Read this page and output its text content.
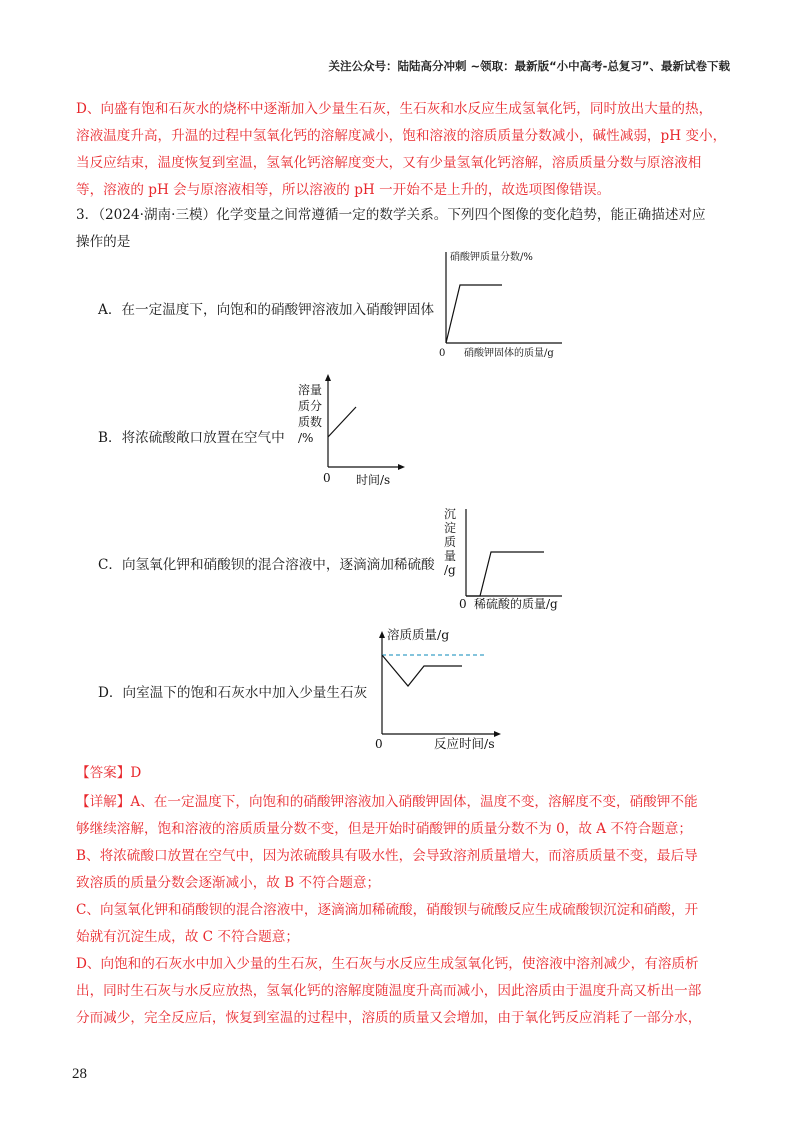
关注公众号：陆陆高分冲刺 ~领取：最新版“小中高考-总复习”、最新试卷下载
D、向盛有饱和石灰水的烧杯中逐渐加入少量生石灰，生石灰和水反应生成氢氧化钙，同时放出大量的热，
溶液温度升高，升温的过程中氢氧化钙的溶解度减小，饱和溶液的溶质质量分数减小，碱性减弱，pH 变小，
当反应结束，温度恢复到室温，氢氧化钙溶解度变大，又有少量氢氧化钙溶解，溶质质量分数与原溶液相
等，溶液的 pH 会与原溶液相等，所以溶液的 pH 一开始不是上升的，故选项图像错误。
3．（2024·湖南·三模）化学变量之间常遵循一定的数学关系。下列四个图像的变化趋势，能正确描述对应
操作的是
A．在一定温度下，向饱和的硝酸钾溶液加入硝酸钾固体
硝酸钾质量分数/%
0 硝酸钾固体的质量/g
B．将浓硫酸敞口放置在空气中
溶量
质分
质数
/%
0 时间/s
C．向氢氧化钾和硝酸钡的混合溶液中，逐滴滴加稀硫酸
沉
淀
质
量
/g
0 稀硫酸的质量/g
D．向室温下的饱和石灰水中加入少量生石灰
溶质质量/g
0	反应时间/s
【答案】D
【详解】A、在一定温度下，向饱和的硝酸钾溶液加入硝酸钾固体，温度不变，溶解度不变，硝酸钾不能
够继续溶解，饱和溶液的溶质质量分数不变，但是开始时硝酸钾的质量分数不为 0，故 A 不符合题意；
B、将浓硫酸口放置在空气中，因为浓硫酸具有吸水性，会导致溶剂质量增大，而溶质质量不变，最后导
致溶质的质量分数会逐渐减小，故 B 不符合题意；
C、向氢氧化钾和硝酸钡的混合溶液中，逐滴滴加稀硫酸，硝酸钡与硫酸反应生成硫酸钡沉淀和硝酸，开
始就有沉淀生成，故 C 不符合题意；
D、向饱和的石灰水中加入少量的生石灰，生石灰与水反应生成氢氧化钙，使溶液中溶剂减少，有溶质析
出，同时生石灰与水反应放热，氢氧化钙的溶解度随温度升高而减小，因此溶质由于温度升高又析出一部
分而减少，完全反应后，恢复到室温的过程中，溶质的质量又会增加，由于氧化钙反应消耗了一部分水，
28
